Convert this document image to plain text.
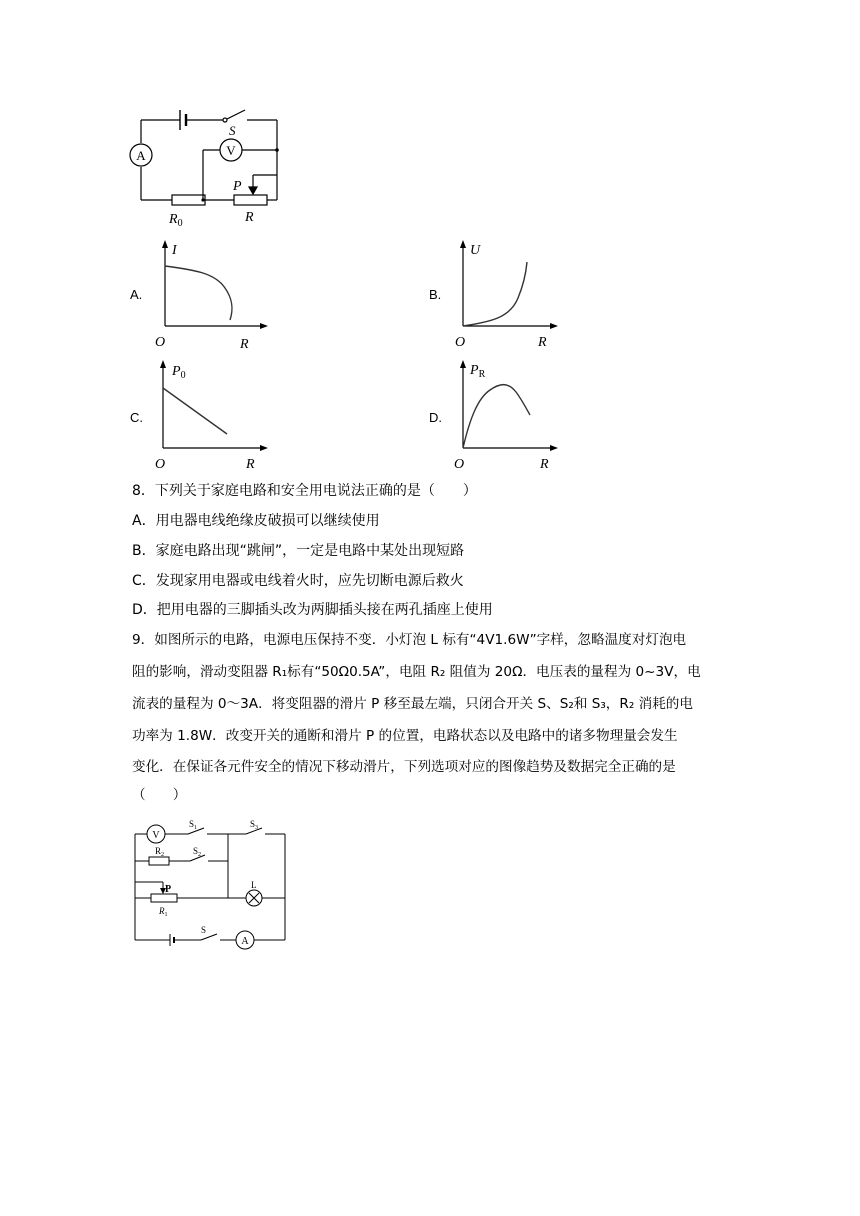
A	V
S
P
$R_0$	R
A.
I
O	R
B.
U
O	R
C.
$P_0$
O	R
D.
$P_R$
O	R
8．下列关于家庭电路和安全用电说法正确的是（　　）
A．用电器电线绝缘皮破损可以继续使用
B．家庭电路出现“跳闸”，一定是电路中某处出现短路
C．发现家用电器或电线着火时，应先切断电源后救火
D．把用电器的三脚插头改为两脚插头接在两孔插座上使用
9．如图所示的电路，电源电压保持不变．小灯泡 L 标有“4V1.6W”字样，忽略温度对灯泡电
阻的影响，滑动变阻器 R₁标有“50Ω0.5A”，电阻 R₂ 阻值为 20Ω．电压表的量程为 0~3V，电
流表的量程为 0～3A．将变阻器的滑片 P 移至最左端，只闭合开关 S、S₂和 S₃，R₂ 消耗的电
功率为 1.8W．改变开关的通断和滑片 P 的位置，电路状态以及电路中的诸多物理量会发生
变化．在保证各元件安全的情况下移动滑片，下列选项对应的图像趋势及数据完全正确的是
（　　）
V
$S_1$	$S_3$
$R_2$	$S_2$
P	L
$R_1$
S
A
